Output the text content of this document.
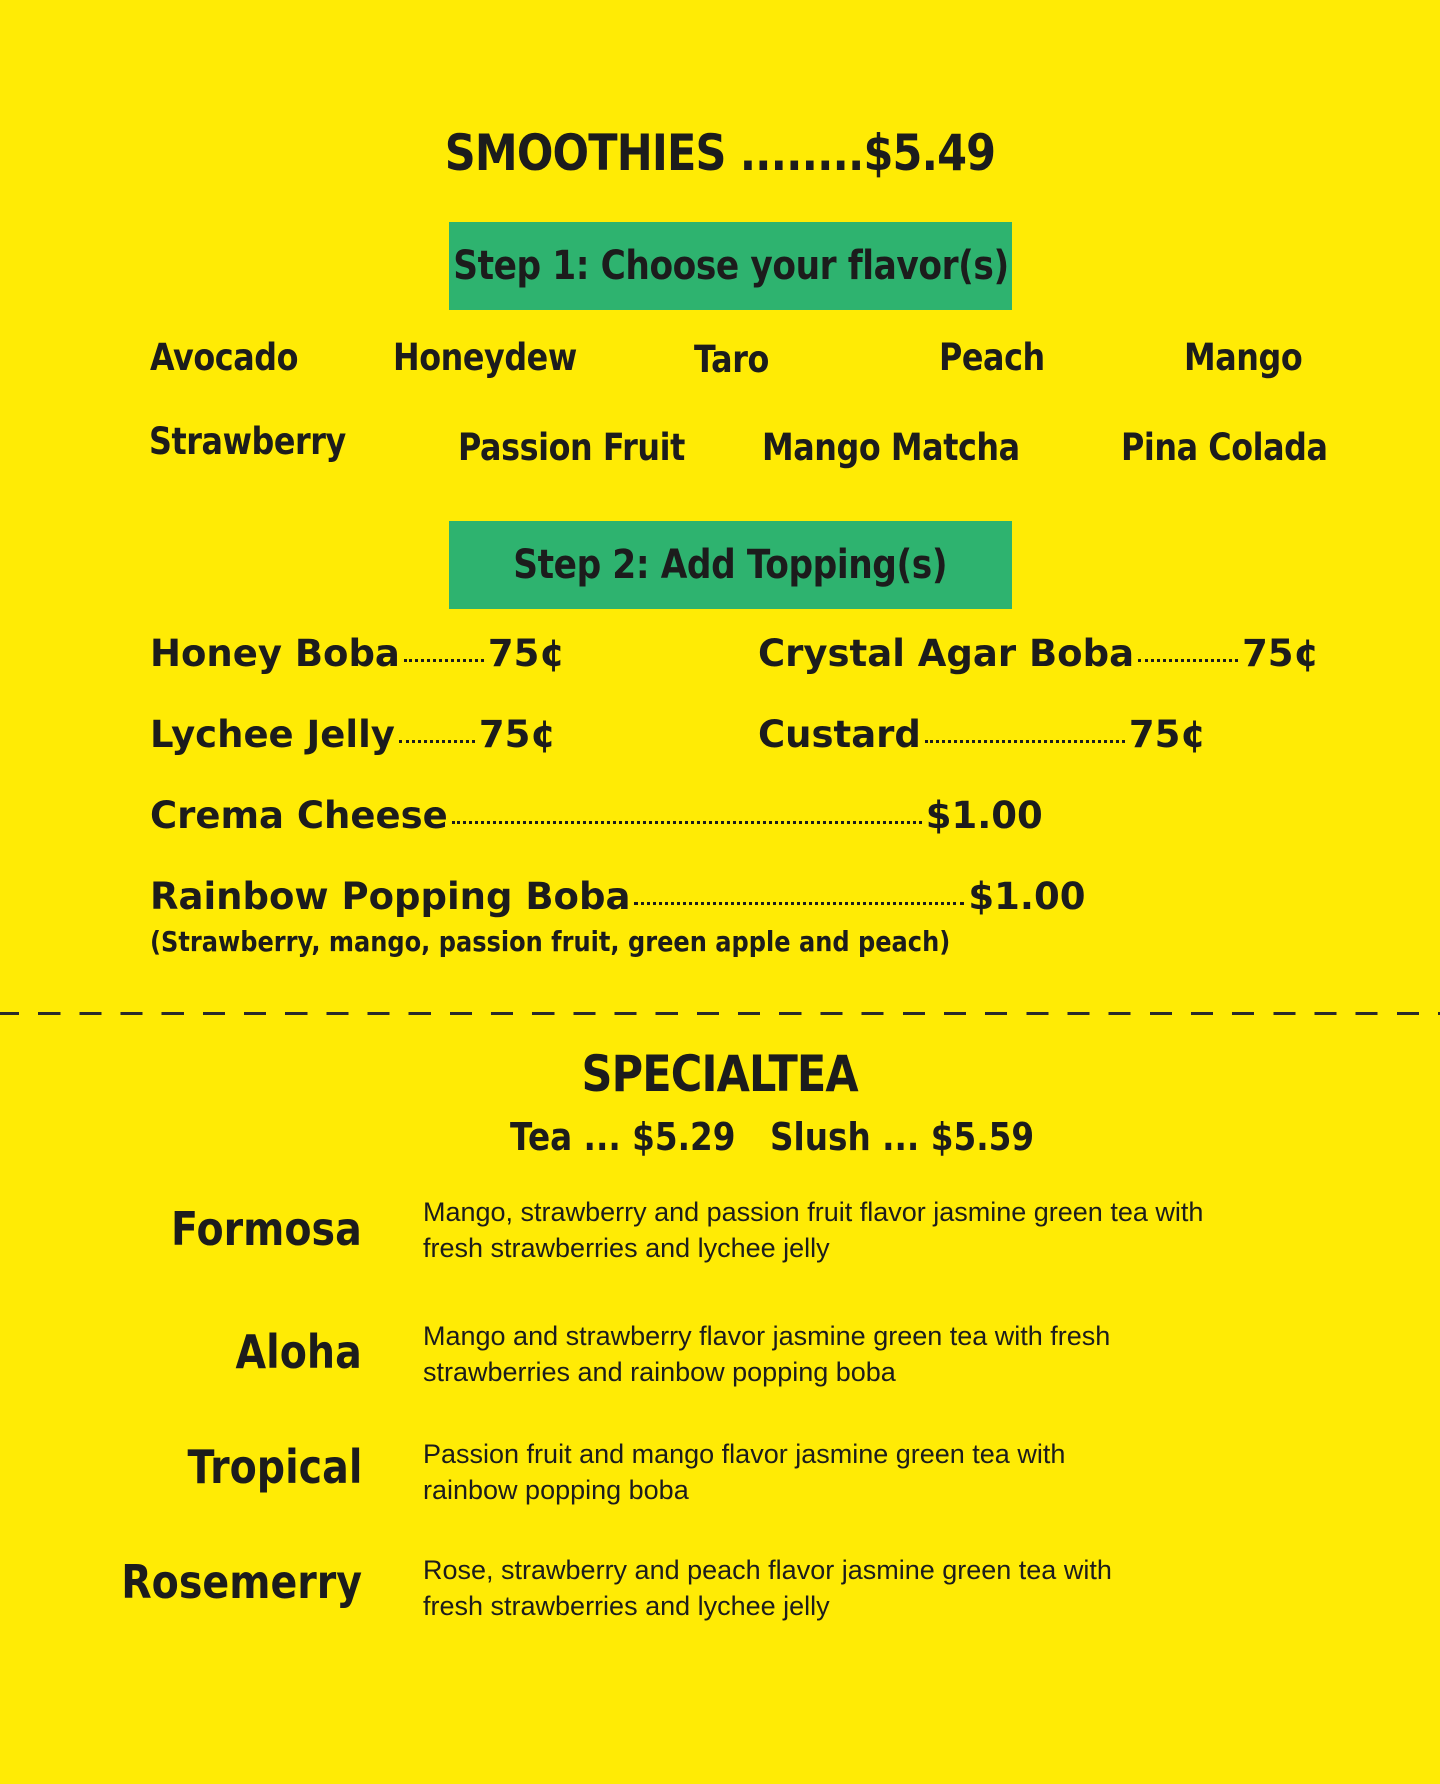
SMOOTHIES ........$5.49
Step 1: Choose your flavor(s)
Avocado	Honeydew	Taro	Peach	Mango
Strawberry	Passion Fruit Mango Matcha	Pina Colada
Step 2: Add Topping(s)
Honey Boba 75¢	Crystal Agar Boba	75¢
Lychee Jelly 75¢	Custard	75¢
Crema Cheese	$1.00
Rainbow Popping Boba	$1.00
(Strawberry, mango, passion fruit, green apple and peach)
SPECIALTEA
Tea ... $5.29 Slush ... $5.59
Formosa Mango, strawberry and passion fruit flavor jasmine green tea with
fresh strawberries and lychee jelly
Aloha Mango and strawberry flavor jasmine green tea with fresh
strawberries and rainbow popping boba
Tropical Passion fruit and mango flavor jasmine green tea with
rainbow popping boba
Rosemerry Rose, strawberry and peach flavor jasmine green tea with
fresh strawberries and lychee jelly
